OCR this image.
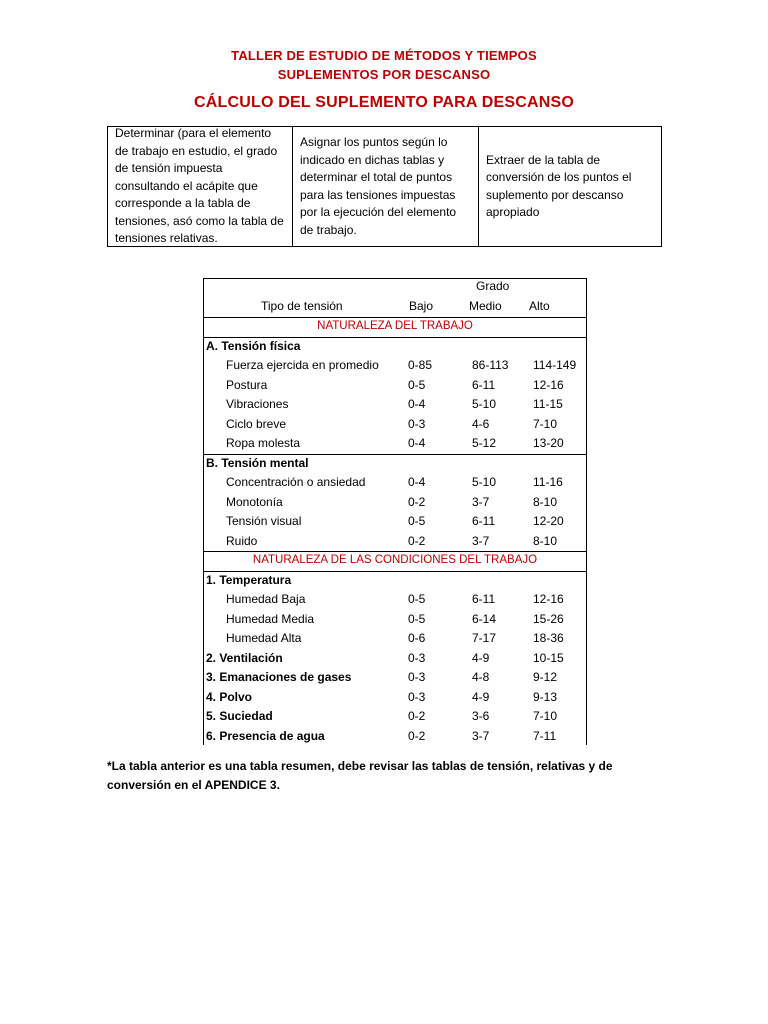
TALLER DE ESTUDIO DE MÉTODOS Y TIEMPOS
SUPLEMENTOS POR DESCANSO
CÁLCULO DEL SUPLEMENTO PARA DESCANSO
Determinar (para el elemento de trabajo en estudio, el grado de tensión impuesta consultando el acápite que corresponde a la tabla de tensiones, asó como la tabla de tensiones relativas.
Asignar los puntos según lo indicado en dichas tablas y determinar el total de puntos para las tensiones impuestas por la ejecución del elemento de trabajo.
Extraer de la tabla de conversión de los puntos el suplemento por descanso apropiado
Grado
Tipo de tensión	Bajo	Medio Alto
NATURALEZA DEL TRABAJO
A. Tensión física
Fuerza ejercida en promedio 0-85	86-113 114-149
Postura	0-5	6-11	12-16
Vibraciones	0-4	5-10	11-15
Ciclo breve	0-3	4-6	7-10
Ropa molesta	0-4	5-12	13-20
B. Tensión mental
Concentración o ansiedad	0-4	5-10	11-16
Monotonía	0-2	3-7	8-10
Tensión visual	0-5	6-11	12-20
Ruido	0-2	3-7	8-10
NATURALEZA DE LAS CONDICIONES DEL TRABAJO
1. Temperatura
Humedad Baja	0-5	6-11	12-16
Humedad Media	0-5	6-14	15-26
Humedad Alta	0-6	7-17	18-36
2. Ventilación	0-3	4-9	10-15
3. Emanaciones de gases	0-3	4-8	9-12
4. Polvo	0-3	4-9	9-13
5. Suciedad	0-2	3-6	7-10
6. Presencia de agua	0-2	3-7	7-11
*La tabla anterior es una tabla resumen, debe revisar las tablas de tensión, relativas y de conversión en el APENDICE 3.
